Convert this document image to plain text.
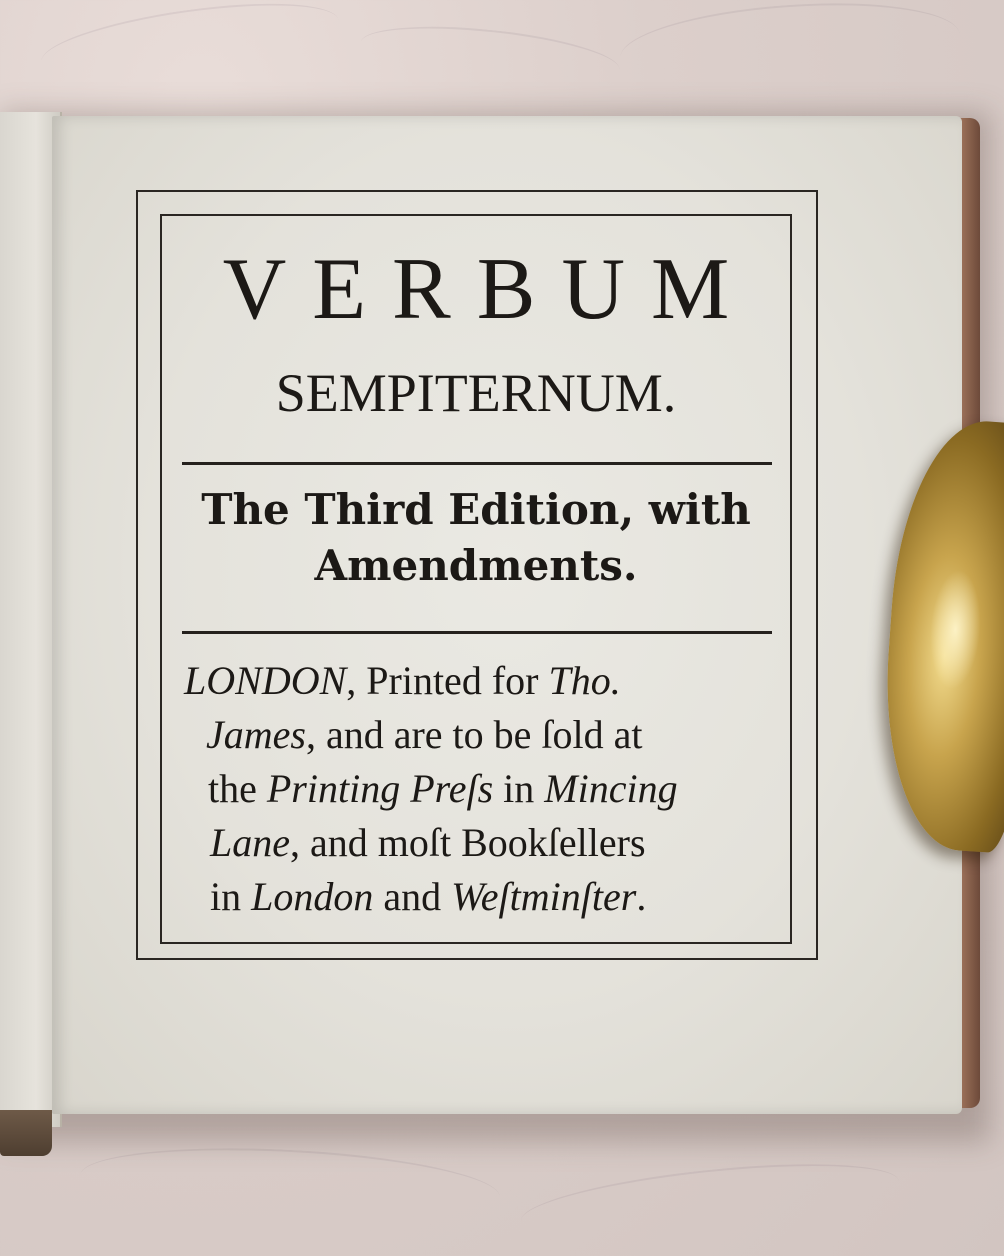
VERBUM
SEMPITERNUM.
The Third Edition, with
Amendments.
LONDON, Printed for Tho.
James, and are to be ſold at
the Printing Preſs in Mincing
Lane, and moſt Bookſellers
in London and Weſtminſter.
